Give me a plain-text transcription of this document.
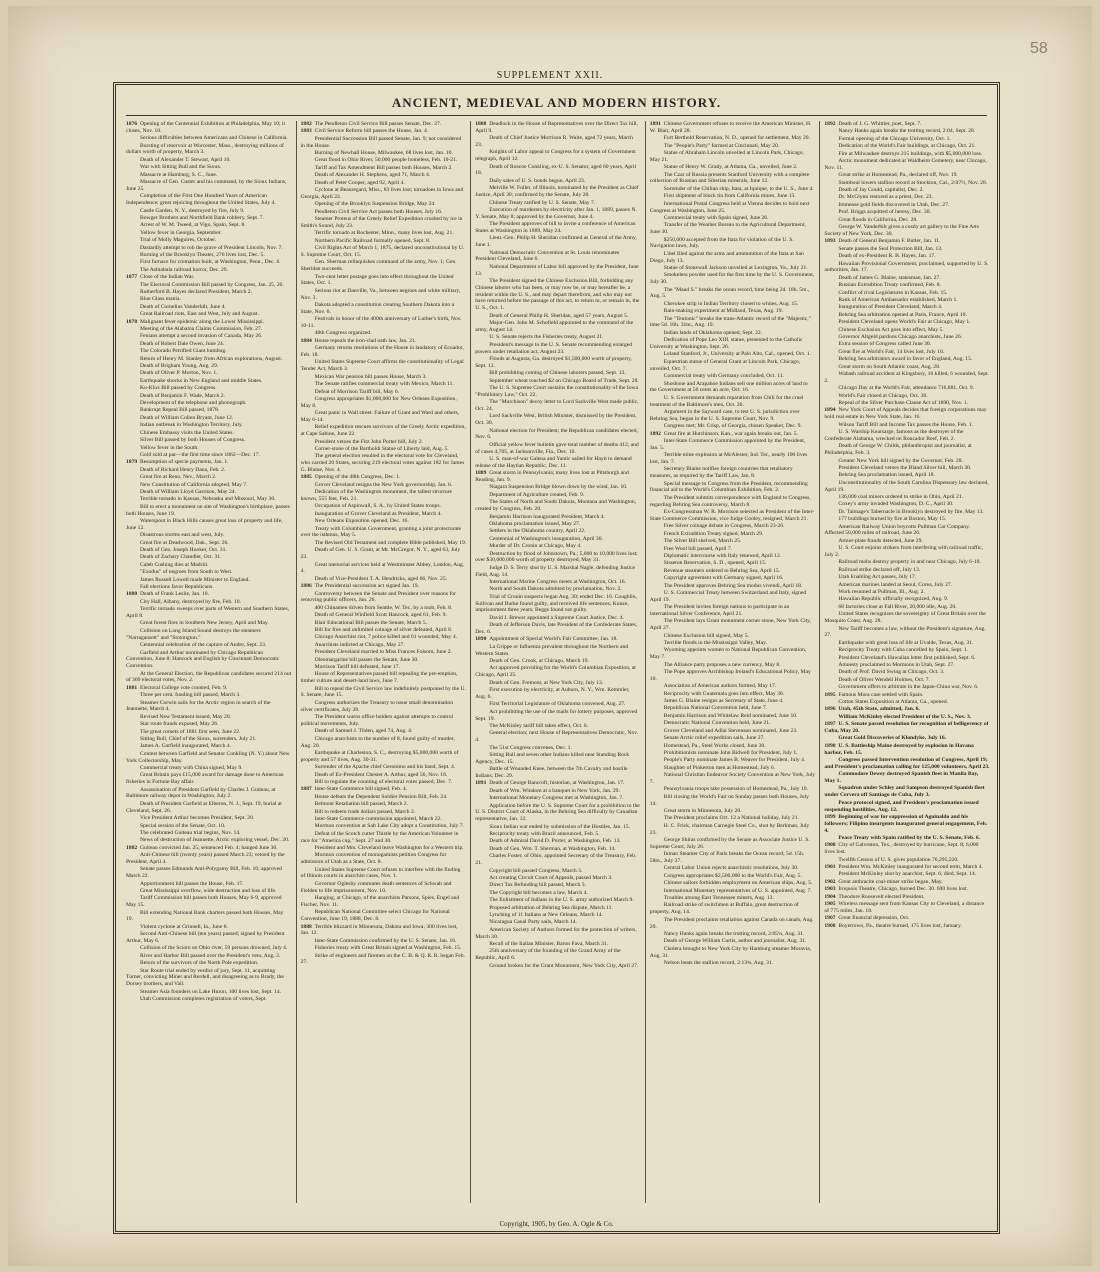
58
SUPPLEMENT XXII.
ANCIENT, MEDIEVAL AND MODERN HISTORY.
1876 Opening of the Centennial Exhibition at Philadelphia, May 10; it closes, Nov. 10.
Serious difficulties between Americans and Chinese in California.
Bursting of reservoir at Worcester, Mass., destroying millions of dollars worth of property, March 3.
Death of Alexander T. Stewart, April 10.
War with Sitting Bull and the Sioux.
Massacre at Hamburg, S. C., June.
Massacre of Gen. Custer and his command, by the Sioux Indians, June 25.
Completion of the First One Hundred Years of American Independence; great rejoicing throughout the United States, July 4.
Castle Garden, N. Y., destroyed by fire, July 9.
Bowger Brothers and Northfield Bank robbery, Sept. 7.
Arrest of W. M. Tweed, at Vigo, Spain, Sept. 8.
Yellow fever in Georgia, September.
Trial of Molly Maguires, October.
Dastardly attempt to rob the grave of President Lincoln, Nov. 7.
Burning of the Brooklyn Theater, 276 lives lost, Dec. 5.
First furnace for cremation built, at Washington, Penn., Dec. 6.
The Ashtabula railroad horror, Dec. 29.
1877 Close of the Indian War.
The Electoral Commission Bill passed by Congress, Jan. 25, 26.
Rutherford B. Hayes declared President, March 2.
Blue Glass mania.
Death of Cornelius Vanderbilt, June 4.
Great Railroad riots, East and West, July and August.
1878 Malignant fever epidemic along the Lower Mississippi.
Meeting of the Alabama Claims Commission, Feb. 27.
Fenians attempt a second invasion of Canada, May 26.
Death of Robert Dale Owen, June 24.
The Colorado Petrified Giant humbug.
Return of Henry M. Stanley from African explorations, August.
Death of Brigham Young, Aug. 29.
Death of Oliver P. Morton, Nov. 1.
Earthquake shocks in New England and middle States.
Ku-Klux Bill passed by Congress.
Death of Benjamin F. Wade, March 2.
Development of the telephone and phonograph.
Bankrupt Repeal Bill passed, 1878.
Death of William Cullen Bryant, June 12.
Indian outbreak in Washington Territory, July.
Chinese Embassy visits the United States.
Silver Bill passed by both Houses of Congress.
Yellow fever in the South.
Gold sold at par—the first time since 1862—Dec. 17.
1879 Resumption of specie payments, Jan. 1.
Death of Richard Henry Dana, Feb. 2.
Great fire at Reno, Nev., March 2.
New Constitution of California adopted, May 7.
Death of William Lloyd Garrison, May 24.
Terrible tornado in Kansas, Nebraska and Missouri, May 30.
Bill to erect a monument on site of Washington's birthplace, passes both Houses, June 19.
Waterspout in Black Hills causes great loss of property and life, June 12.
Disastrous storms east and west, July.
Great fire at Deadwood, Dak., Sept. 26.
Death of Gen. Joseph Hooker, Oct. 31.
Death of Zachary Chandler, Oct. 31.
Caleb Cushing dies at Madrid.
"Exodus" of negroes from South to West.
James Russell Lowell made Minister to England.
Fall elections favor Republicans.
1880 Death of Frank Leslie, Jan. 10.
City Hall, Albany, destroyed by fire, Feb. 10.
Terrific tornado sweeps over parts of Western and Southern States, April 8.
Great forest fires in Southern New Jersey, April and May.
Collision on Long Island Sound destroys the steamers "Narragansett" and "Stonington."
Centennial celebration of the capture of Andre, Sept. 23.
Garfield and Arthur nominated by Chicago Republican Convention, June 8; Hancock and English by Cincinnati Democratic Convention.
At the General Election, the Republican candidates secured 214 out of 369 electoral votes, Nov. 2.
1881 Electoral College vote counted, Feb. 9.
Three per cent. funding bill passed, March 3.
Steamer Corwin sails for the Arctic region in search of the Jeannette, March 4.
Revised New Testament issued, May 20.
Star route frauds exposed, May 26.
The great comets of 1881 first seen, June 22.
Sitting Bull, Chief of the Sioux, surrenders, July 21.
James A. Garfield inaugurated, March 4.
Contest between Garfield and Senator Conkling (N. Y.) about New York Collectorship, May.
Commercial treaty with China signed, May 9.
Great Britain pays £15,000 award for damage done to American fisheries in Fortune Bay affair.
Assassination of President Garfield by Charles J. Guiteau, at Baltimore railway depot in Washington, July 2.
Death of President Garfield at Elberon, N. J., Sept. 19, burial at Cleveland, Sept. 26.
Vice President Arthur becomes President, Sept. 20.
Special session of the Senate, Oct. 10.
The celebrated Guiteau trial begins, Nov. 14.
News of destruction of Jeannette, Arctic exploring vessel, Dec. 20.
1882 Guiteau convicted Jan. 25; sentenced Feb. 4; hanged June 30.
Anti-Chinese bill (twenty years) passed March 23; vetoed by the President, April 4.
Senate passes Edmunds Anti-Polygamy Bill, Feb. 16; approved March 22.
Apportionment bill passes the House, Feb. 17.
Great Mississippi overflow, wide destruction and loss of life.
Tariff Commission bill passes both Houses, May 6-9, approved May 15.
Bill extending National Bank charters passed both Houses, May 19.
Violent cyclone at Grinnell, Ia., June 8.
Second Anti-Chinese bill (ten years) passed; signed by President Arthur, May 6.
Collision of the Scioto on Ohio river, 59 persons drowned, July 4.
River and Harbor Bill passed over the President's veto, Aug. 2.
Return of the survivors of the North Pole expedition.
Star Route trial ended by verdict of jury, Sept. 11, acquitting Turner, convicting Miner and Rerdell, and disagreeing as to Brady, the Dorsey brothers, and Vail.
Steamer Asia founders on Lake Huron, 100 lives lost, Sept. 14.
Utah Commission completes registration of voters, Sept.
1882 The Pendleton Civil Service Bill passes Senate, Dec. 27.
1883 Civil Service Reform bill passes the House, Jan. 4.
Presidential Succession Bill passed Senate, Jan. 9; not considered in the House.
Burning of Newhall House, Milwaukee, 68 lives lost, Jan. 10.
Great flood in Ohio River, 50,000 people homeless, Feb. 10-21.
Tariff and Tax Amendment Bill passes both Houses, March 2.
Death of Alexander H. Stephens, aged 71, March 4.
Death of Peter Cooper, aged 92, April 4.
Cyclone at Beauregard, Miss., 83 lives lost; tornadoes in Iowa and Georgia, April 22.
Opening of the Brooklyn Suspension Bridge, May 24.
Pendleton Civil Service Act passes both Houses, July 16.
Steamer Proteus of the Greely Relief Expedition crushed by ice in Smith's Sound, July 23.
Terrific tornado at Rochester, Minn., many lives lost, Aug. 21.
Northern Pacific Railroad formally opened, Sept. 8.
Civil Rights Act of March 1, 1875, declared unconstitutional by U. S. Supreme Court, Oct. 15.
Gen. Sherman relinquishes command of the army, Nov. 1; Gen. Sheridan succeeds.
Two-cent letter postage goes into effect throughout the United States, Oct. 1.
Serious riot at Danville, Va., between negroes and white military, Nov. 3.
Dakota adopted a constitution creating Southern Dakota into a State, Nov. 6.
Festivals in honor of the 400th anniversary of Luther's birth, Nov. 10-11.
48th Congress organized.
1884 House repeals the iron-clad oath law, Jan. 21.
Germany returns resolutions of the House in laudatory of Ecuador, Feb. 18.
United States Supreme Court affirms the constitutionality of Legal Tender Act, March 3.
Mexican War pension bill passes House, March 3.
The Senate ratifies commercial treaty with Mexico, March 11.
Defeat of Morrison Tariff bill, May 6.
Congress appropriates $1,000,000 for New Orleans Exposition, May 8.
Great panic in Wall street. Failure of Grant and Ward and others, May 6-14.
Relief expedition rescues survivors of the Greely Arctic expedition, at Cape Sabine, June 22.
President vetoes the Fitz John Porter bill, July 2.
Corner-stone of the Bartholdi Statue of Liberty laid, Aug. 5.
The general election resulted in the electoral vote for Cleveland, who carried 20 States, securing 219 electoral votes against 182 for James G. Blaine, Nov. 4.
1885 Opening of the 48th Congress, Dec. 1.
Grover Cleveland resigns the New York governorship, Jan. 6.
Dedication of the Washington monument, the tallest structure known, 555 feet, Feb. 21.
Occupation of Aspinwall, S. A., by United States troops.
Inauguration of Grover Cleveland as President, March 4.
New Orleans Exposition opened, Dec. 16.
Treaty with Columbian Government, granting a joint protectorate over the isthmus, May 5.
The Revised Old Testament and complete Bible published, May 19.
Death of Gen. U. S. Grant, at Mt. McGregor, N. Y., aged 63, July 23.
Great memorial services held at Westminster Abbey, London, Aug. 4.
Death of Vice-President T. A. Hendricks, aged 66, Nov. 25.
1886 The Presidential succession act signed Jan. 19.
Controversy between the Senate and President over reasons for removing public officers, Jan. 26.
400 Chinamen driven from Seattle, W. Ter., by a mob, Feb. 8.
Death of General Winfield Scott Hancock, aged 61, Feb. 9.
Blair Educational Bill passes the Senate, March 5.
Bill for free and unlimited coinage of silver defeated, April 8.
Chicago Anarchist riot, 7 police killed and 61 wounded, May 4.
Anarchists indicted at Chicago, May 27.
President Cleveland married to Miss Frances Folsom, June 2.
Oleomargarine bill passes the Senate, June 30.
Morrison Tariff bill defeated, June 17.
House of Representatives passed bill repealing the pre-emption, timber culture and desert-land laws, June 7.
Bill to repeal the Civil Service law indefinitely postponed by the U. S. Senate, June 15.
Congress authorizes the Treasury to issue small denomination silver certificates, July 28.
The President warns office holders against attempts to control political movements, July.
Death of Samuel J. Tilden, aged 74, Aug. 4.
Chicago anarchists to the number of 8, found guilty of murder, Aug. 20.
Earthquake at Charleston, S. C., destroying $5,000,000 worth of property and 57 lives, Aug. 30-31.
Surrender of the Apache chief Geronimo and his band, Sept. 4.
Death of Ex-President Chester A. Arthur, aged 56, Nov. 18.
Bill to regulate the counting of electoral votes passed, Dec. 7.
1887 Inter-State Commerce bill signed, Feb. 4.
House defeats the Dependent Soldier Pension Bill, Feb. 24.
Belmont Retaliation bill passed, March 2.
Bill to redeem trade dollars passed, March 3.
Inter-State Commerce commission appointed, March 22.
Mormon convention at Salt Lake City adopt a Constitution, July 7.
Defeat of the Scotch cutter Thistle by the American Volunteer in race for "America cup," Sept. 27 and 30.
President and Mrs. Cleveland leave Washington for a Western trip.
Mormon convention of monogamists petition Congress for admission of Utah as a State, Oct. 8.
United States Supreme Court refuses to interfere with the finding of Illinois courts in anarchist cases, Nov. 1.
Governor Oglesby commutes death sentences of Schwab and Fielden to life imprisonment, Nov. 10.
Hanging, at Chicago, of the anarchists Parsons, Spies, Engel and Fischer, Nov. 11.
Republican National Committee select Chicago for National Convention, June 19, 1888, Dec. 8.
1888 Terrible blizzard in Minnesota, Dakota and Iowa; 300 lives lost, Jan. 12.
Inter-State Commission confirmed by the U. S. Senate, Jan. 16.
Fisheries treaty with Great Britain signed at Washington, Feb. 15.
Strike of engineers and firemen on the C. B. & Q. R. R. began Feb. 27.
1888 Deadlock in the House of Representatives over the Direct Tax bill, April 9.
Death of Chief Justice Morrison R. Waite, aged 72 years, March 23.
Knights of Labor appeal to Congress for a system of Government telegraph, April 12.
Death of Roscoe Conkling, ex-U. S. Senator, aged 60 years, April 18.
Daily sales of U. S. bonds begun, April 23.
Melville W. Fuller, of Illinois, nominated by the President as Chief Justice, April 30; confirmed by the Senate, July 20.
Chinese Treaty ratified by U. S. Senate, May 7.
Execution of murderers by electricity after Jan. 1, 1889, passes N. Y. Senate, May 8; approved by the Governor, June 4.
The President approves of bill to invite a conference of American States at Washington in 1889, May 24.
Lieut.-Gen. Philip H. Sheridan confirmed as General of the Army, June 1.
National Democratic Convention at St. Louis renominates President Cleveland, June 6.
National Department of Labor bill approved by the President, June 13.
The President signed the Chinese Exclusion Bill, forbidding any Chinese laborer who has been, or may now be, or may hereafter be, a resident within the U. S., and may depart therefrom, and who may not have returned before the passage of this act, to return to, or remain in, the U. S., Oct. 1.
Death of General Philip H. Sheridan, aged 57 years, August 5.
Major-Gen. John M. Schofield appointed to the command of the army, August 14.
U. S. Senate rejects the Fisheries treaty, August 21.
President's message to the U. S. Senate recommending enlarged powers under retaliation act, August 23.
Floods at Augusta, Ga. destroyed $1,500,000 worth of property, Sept. 12.
Bill prohibiting coming of Chinese laborers passed, Sept. 13.
September wheat touched $2 on Chicago Board of Trade, Sept. 28.
The U. S. Supreme Court sustains the constitutionality of the Iowa "Prohibitory Law," Oct. 22.
The "Murchison" decoy letter to Lord Sackville West made public, Oct. 24.
Lord Sackville West, British Minister, dismissed by the President, Oct. 30.
National election for President; the Republican candidates elected, Nov. 6.
Official yellow fever bulletin gave total number of deaths 412, and of cases 4,705, at Jacksonville, Fla., Dec. 10.
U. S. man-of-war Galena and Yantic sailed for Hayti to demand release of the Haytian Republic, Dec. 11.
1889 Great storm in Pennsylvania; many lives lost at Pittsburgh and Reading, Jan. 9.
Niagara Suspension Bridge blown down by the wind, Jan. 10.
Department of Agriculture created, Feb. 9.
The States of North and South Dakota, Montana and Washington, created by Congress, Feb. 20.
Benjamin Harrison inaugurated President, March 4.
Oklahoma proclamation issued, May 27.
Settlers in the Oklahoma country, April 22.
Centennial of Washington's inauguration, April 30.
Murder of Dr. Cronin at Chicago, May 4.
Destruction by flood of Johnstown, Pa.; 5,000 to 10,000 lives lost; over $30,000,000 worth of property destroyed, May 31.
Judge D. S. Terry shot by U. S. Marshal Nagle, defending Justice Field, Aug. 14.
International Marine Congress meets at Washington, Oct. 16.
North and South Dakota admitted by proclamation, Nov. 2.
Trial of Cronin suspects began Aug. 30; ended Dec. 16. Coughlin, Sullivan and Burke found guilty, and received life sentences; Kunze, imprisonment three years; Beggs found not guilty.
David J. Brewer appointed a Supreme Court Justice, Dec. 4.
Death of Jefferson Davis, late President of the Confederate States, Dec. 6.
1890 Appointment of Special World's Fair Committee, Jan. 18.
La Grippe or Influenza prevalent throughout the Northern and Western States.
Death of Gen. Crook, at Chicago, March 19.
Act approved providing for the World's Columbian Exposition, at Chicago, April 25.
Death of Gen. Fremont, at New York City, July 13.
First execution by electricity, at Auburn, N. Y., Wm. Kemmler, Aug. 6.
First Territorial Legislature of Oklahoma convened, Aug. 27.
Act prohibiting the use of the mails for lottery purposes, approved Sept. 19.
The McKinley tariff bill takes effect, Oct. 6.
General election; next House of Representatives Democratic, Nov. 4.
The 51st Congress convenes, Dec. 1.
Sitting Bull and seven other Indians killed near Standing Rock Agency, Dec. 15.
Battle of Wounded Knee, between the 7th Cavalry and hostile Indians, Dec. 29.
1891 Death of George Bancroft, historian, at Washington, Jan. 17.
Death of Wm. Windom at a banquet in New York, Jan. 29.
International Monetary Congress met at Washington, Jan. 7.
Application before the U. S. Supreme Court for a prohibition to the U. S. District Court of Alaska, in the Behring Sea difficulty by Canadian representative, Jan. 12.
Sioux Indian war ended by submission of the Hostiles, Jan. 15.
Reciprocity treaty with Brazil announced, Feb. 5.
Death of Admiral David D. Porter, at Washington, Feb. 13.
Death of Gen. Wm. T. Sherman, at Washington, Feb. 14.
Charles Foster, of Ohio, appointed Secretary of the Treasury, Feb. 21.
Copyright bill passed Congress, March 3.
Act creating Circuit Court of Appeals, passed March 3.
Direct Tax Refunding bill passed, March 3.
The Copyright bill becomes a law, March 4.
The Enlistment of Indians in the U. S. army authorized March 9.
Proposed arbitration of Behring Sea dispute, March 11.
Lynching of 11 Italians at New Orleans, March 14.
Nicaragua Canal Party sails, March 14.
American Society of Authors formed for the protection of writers, March 30.
Recall of the Italian Minister, Baron Fava, March 31.
25th anniversary of the founding of the Grand Army of the Republic, April 6.
Ground broken for the Grant Monument, New York City, April 27.
1891 Chinese Government refuses to receive the American Minister, H. W. Blair, April 28.
Fort Berthold Reservation, N. D., opened for settlement, May 20.
The "People's Party" formed at Cincinnati, May 20.
Statue of Abraham Lincoln unveiled at Lincoln Park, Chicago, May 21.
Statue of Henry W. Grady, at Atlanta, Ga., unveiled, June 2.
The Czar of Russia presents Stanford University with a complete collection of Russian and Siberian minerals, June 12.
Surrender of the Chilian ship, Itata, at Iquique, to the U. S., June 4.
First shipment of block tin from California mines, June 13.
International Postal Congress held at Vienna decides to hold next Congress at Washington, June 25.
Commercial treaty with Spain signed, June 26.
Transfer of the Weather Bureau to the Agricultural Department, June 30.
$250,000 accepted from the Itata for violation of the U. S. Navigation laws, July.
Libel filed against the arms and ammunition of the Itata at San Diego, July 13.
Statue of Stonewall Jackson unveiled at Lexington, Va., July 21.
Smokeless powder used for the first time by the U. S. Government, July 30.
The "Maud S." breaks the ocean record, time being 2d. 18h. 5m., Aug. 5.
Cherokee strip in Indian Territory closed to whites, Aug. 15.
Rain-making experiment at Midland, Texas, Aug. 19.
The "Teutonic" breaks the trans-Atlantic record of the "Majestic," time 5d. 16h. 31m., Aug. 19.
Indian lands of Oklahoma opened, Sept. 22.
Dedication of Pope Leo XIII. statue, presented to the Catholic University at Washington, Sept. 26.
Leland Stanford, Jr., University at Palo Alto, Cal., opened, Oct. 1.
Equestrian statue of General Grant at Lincoln Park, Chicago, unveiled, Oct. 7.
Commercial treaty with Germany concluded, Oct. 11.
Shoshone and Arapahoe Indians sell one million acres of land to the Government at 50 cents an acre, Oct. 16.
U. S. Government demands reparation from Chili for the cruel treatment of the Baltimore's men, Oct. 26.
Argument in the Sayward case, to test U. S. jurisdiction over Behring Sea, began in the U. S. Supreme Court, Nov. 9.
Congress met; Mr. Crisp, of Georgia, chosen Speaker, Dec. 9.
1892 Great fire at Hutchinson, Kan., war again breaks out, Jan. 5.
Inter-State Commerce Commission appointed by the President, Jan. 5.
Terrible mine explosion at McAlester, Ind. Ter., nearly 100 lives lost, Jan. 7.
Secretary Blaine notifies foreign countries that retaliatory measures, as required by the Tariff Law, Jan. 8.
Special message to Congress from the President, recommending financial aid to the World's Columbian Exhibition, Feb. 2.
The President submits correspondence with England to Congress, regarding Behring Sea controversy, March 8.
Ex-Congressman W. R. Morrison selected as President of the Inter-State Commerce Commission, vice Judge Cooley, resigned, March 21.
Free Silver coinage debate in Congress, March 23-26.
French Extradition Treaty signed, March 29.
The Silver Bill shelved, March 25.
Free Wool bill passed, April 7.
Diplomatic intercourse with Italy renewed, April 12.
Sisseton Reservation, S. D., opened, April 15.
Revenue steamers ordered to Behring Sea, April 15.
Copyright agreement with Germany signed, April 16.
The President approves Behring Sea modus vivendi, April 18.
U. S. Commercial Treaty between Switzerland and Italy, signed April 19.
The President invites foreign nations to participate in an international Silver Conference, April 21.
The President lays Grant monument corner stone, New York City, April 27.
Chinese Exclusion bill signed, May 5.
Terrible floods in the Mississippi Valley, May.
Wyoming appoints women to National Republican Convention, May 7.
The Alliance party proposes a new currency, May 8.
The Pope approves Archbishop Ireland's Educational Policy, May 10.
Association of American authors formed, May 17.
Reciprocity with Guatemala goes into effect, May 30.
James G. Blaine resigns as Secretary of State, June 4.
Republican National Convention held, June 7.
Benjamin Harrison and Whitelaw Reid nominated, June 10.
Democratic National Convention held, June 21.
Grover Cleveland and Adlai Stevenson nominated, June 23.
Senate Arctic relief expedition sails, June 27.
Homestead, Pa., Steel Works closed, June 30.
Prohibitionists nominate John Bidwell for President, July 1.
People's Party nominate James B. Weaver for President, July 4.
Slaughter of Pinkerton men at Homestead, July 6.
National Christian Endeavor Society Convention at New York, July 7.
Pennsylvania troops take possession of Homestead, Pa., July 10.
Bill closing the World's Fair on Sunday passes both Houses, July 14.
Great storm in Minnesota, July 20.
The President proclaims Oct. 12 a National holiday, July 21.
H. C. Frick, chairman Carnegie Steel Co., shot by Berkman, July 23.
George Shiras confirmed by the Senate as Associate Justice U. S. Supreme Court, July 26.
Inman Steamer City of Paris breaks the Ocean record; 5d. 15h. 58m., July 27.
Central Labor Union rejects anarchistic resolutions, July 30.
Congress appropriates $2,500,000 to the World's Fair, Aug. 5.
Chinese sailors forbidden employment on American ships, Aug. 5.
International Monetary representatives of U. S. appointed, Aug. 7.
Troubles among East Tennessee miners, Aug. 13.
Railroad strike of switchmen at Buffalo, great destruction of property, Aug. 14.
The President proclaims retaliation against Canada on canals, Aug. 20.
Nancy Hanks again breaks the trotting record, 2:05¼, Aug. 31.
Death of George William Curtis, author and journalist, Aug. 31.
Cholera brought to New York City by Hamburg steamer Moravia, Aug. 31.
Nelson beats the stallion record, 2:13¾, Aug. 31.
1892 Death of J. G. Whittier, poet, Sept. 7.
Nancy Hanks again breaks the trotting record, 2:04, Sept. 28.
Formal opening of the Chicago University, Oct. 1.
Dedication of the World's Fair buildings, at Chicago, Oct. 21.
Fire at Milwaukee destroys 215 buildings, with $5,000,000 loss.
Arctic monument dedicated at Waldheim Cemetery, near Chicago, Nov. 11.
Great strike at Homestead, Pa., declared off, Nov. 19.
Stamboul lowers stallion record at Stockton, Cal., 2:07½, Nov. 28.
Death of Jay Gould, capitalist, Dec. 2.
Dr. McGlynn restored as a priest, Dec. 23.
Immense gold fields discovered in Utah, Dec. 27.
Prof. Briggs acquitted of heresy, Dec. 30.
Great floods in California, Dec. 28.
George W. Vanderbilt gives a costly art gallery to the Fine Arts Society of New York, Dec. 30.
1893 Death of General Benjamin F. Butler, Jan. 11.
Senate passes the Seal Protection Bill, Jan. 13.
Death of ex-President R. B. Hayes, Jan. 17.
Hawaiian Provisional Government, proclaimed, supported by U. S. authorities, Jan. 17.
Death of James G. Blaine, statesman, Jan. 27.
Russian Extradition Treaty confirmed, Feb. 8.
Conflict of rival Legislatures in Kansas, Feb. 15.
Rank of American Ambassador established, March 1.
Inauguration of President Cleveland, March 4.
Behring Sea arbitration opened at Paris, France, April 10.
President Cleveland opens World's Fair at Chicago, May 1.
Chinese Exclusion Act goes into effect, May 5.
Governor Altgeld pardons Chicago anarchists, June 26.
Extra session of Congress called June 30.
Great fire at World's Fair, 14 lives lost, July 10.
Behring Sea arbitrators award in favor of England, Aug. 15.
Great storm on South Atlantic coast, Aug. 28.
Wabash railroad accident at Kingsbury, 16 killed, 6 wounded, Sept. 2.
Chicago Day at the World's Fair, attendance 716,881, Oct. 9.
World's Fair closed at Chicago, Oct. 30.
Repeal of the Silver Purchase Clause Act of 1890, Nov. 1.
1894 New York Court of Appeals decides that foreign corporations may hold real estate in New York State, Jan. 16.
Wilson Tariff Bill and Income Tax passes the House, Feb. 1.
U. S. Warship Kearsarge, famous as the destroyer of the Confederate Alabama, wrecked on Roncador Reef, Feb. 2.
Death of George W. Childs, philanthropist and journalist, at Philadelphia, Feb. 3.
Greater New York bill signed by the Governor, Feb. 28.
President Cleveland vetoes the Bland Silver bill, March 30.
Behring Sea proclamation issued, April 18.
Unconstitutionality of the South Carolina Dispensary law declared, April 19.
136,000 coal miners ordered to strike in Ohio, April 21.
Coxey's army invaded Washington, D. C., April 30.
Dr. Talmage's Tabernacle in Brooklyn destroyed by fire, May 13.
177 buildings burned by fire at Boston, May 15.
American Railway Union boycotts Pullman Car Company. Affected 50,000 miles of railroad, June 26.
Armor-plate frauds detected, June 29.
U. S. Court enjoins strikers from interfering with railroad traffic, July 2.
Railroad mobs destroy property in and near Chicago, July 6-10.
Railroad strike declared off, July 13.
Utah Enabling Act passes, July 17.
American marines landed at Seoul, Corea, July 27.
Work resumed at Pullman, Ill., Aug. 2.
Hawaiian Republic officially recognized, Aug. 9.
68 factories close at Fall River, 20,000 idle, Aug. 20.
United States recognizes the sovereignty of Great Britain over the Mosquito Coast, Aug. 28.
New Tariff becomes a law, without the President's signature, Aug. 27.
Earthquake with great loss of life at Uvalde, Texas, Aug. 31.
Reciprocity Treaty with Cuba cancelled by Spain, Sept. 1.
President Cleveland's Hawaiian letter first published, Sept. 6.
Amnesty proclaimed to Mormons in Utah, Sept. 27.
Death of Prof. David Swing at Chicago, Oct. 3.
Death of Oliver Wendell Holmes, Oct. 7.
Government offers to arbitrate in the Japan-China war, Nov. 6.
1895 Famous Mora case settled with Spain.
Cotton States Exposition at Atlanta, Ga., opened.
1896 Utah, 45th State, admitted, Jan. 6.
William McKinley elected President of the U. S., Nov. 3.
1897 U. S. Senate passed resolution for recognition of belligerency of Cuba, May 20.
Great Gold Discoveries of Klondyke, July 16.
1898 U. S. Battleship Maine destroyed by explosion in Havana harbor, Feb. 15.
Congress passed Intervention resolution of Congress, April 19; and President's proclamation calling for 125,000 volunteers, April 23.
Commodore Dewey destroyed Spanish fleet in Manila Bay, May 1.
Squadron under Schley and Sampson destroyed Spanish fleet under Cervera off Santiago de Cuba, July 3.
Peace protocol signed, and President's proclamation issued suspending hostilities, Aug. 12.
1899 Beginning of war for suppression of Aguinaldo and his followers; Filipino insurgents inaugurated general engagement, Feb. 4.
Peace Treaty with Spain ratified by the U. S. Senate, Feb. 6.
1900 City of Galveston, Tex., destroyed by hurricane, Sept. 8; 6,000 lives lost.
Twelfth Census of U. S. gives population 76,295,220.
1901 President Wm. McKinley inaugurated for second term, March 4.
President McKinley shot by anarchist, Sept. 6; died, Sept. 14.
1902 Great anthracite coal-miner strike began, May.
1903 Iroquois Theatre, Chicago, burned Dec. 30. 600 lives lost.
1904 Theodore Roosevelt elected President.
1905 Wireless message sent from Kansas City to Cleveland, a distance of 775 miles, Jan. 18.
1907 Great financial depression, Oct.
1908 Boyertown, Pa., theatre burned, 175 lives lost, January.
Copyright, 1905, by Geo. A. Ogle & Co.
